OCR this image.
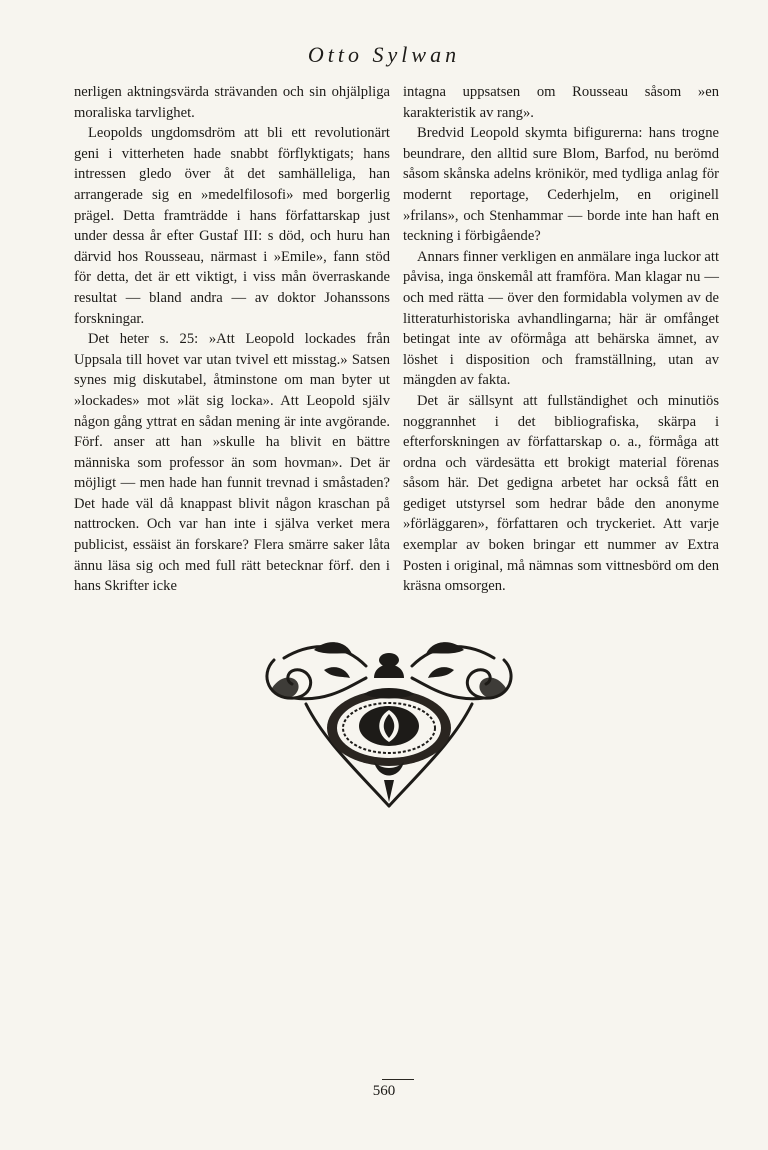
Otto Sylwan

nerligen aktningsvärda strävanden och sin ohjälpliga moraliska tarvlighet.

Leopolds ungdomsdröm att bli ett revolutionärt geni i vitterheten hade snabbt förflyktigats; hans intressen gledo över åt det samhälleliga, han arrangerade sig en »medelfilosofi» med borgerlig prägel. Detta framträdde i hans författarskap just under dessa år efter Gustaf III: s död, och huru han därvid hos Rousseau, närmast i »Emile», fann stöd för detta, det är ett viktigt, i viss mån överraskande resultat — bland andra — av doktor Johanssons forskningar.

Det heter s. 25: »Att Leopold lockades från Uppsala till hovet var utan tvivel ett misstag.» Satsen synes mig diskutabel, åtminstone om man byter ut »lockades» mot »lät sig locka». Att Leopold själv någon gång yttrat en sådan mening är inte avgörande. Förf. anser att han »skulle ha blivit en bättre människa som professor än som hovman». Det är möjligt — men hade han funnit trevnad i småstaden? Det hade väl då knappast blivit någon kraschan på nattrocken. Och var han inte i själva verket mera publicist, essäist än forskare? Flera smärre saker låta ännu läsa sig och med full rätt betecknar förf. den i hans Skrifter icke

intagna uppsatsen om Rousseau såsom »en karakteristik av rang».

Bredvid Leopold skymta bifigurerna: hans trogne beundrare, den alltid sure Blom, Barfod, nu berömd såsom skånska adelns krönikör, med tydliga anlag för modernt reportage, Cederhjelm, en originell »frilans», och Stenhammar — borde inte han haft en teckning i förbigående?

Annars finner verkligen en anmälare inga luckor att påvisa, inga önskemål att framföra. Man klagar nu — och med rätta — över den formidabla volymen av de litteraturhistoriska avhandlingarna; här är omfånget betingat inte av oförmåga att behärska ämnet, av löshet i disposition och framställning, utan av mängden av fakta.

Det är sällsynt att fullständighet och minutiös noggrannhet i det bibliografiska, skärpa i efterforskningen av författarskap o. a., förmåga att ordna och värdesätta ett brokigt material förenas såsom här. Det gedigna arbetet har också fått en gediget utstyrsel som hedrar både den anonyme »förläggaren», författaren och tryckeriet. Att varje exemplar av boken bringar ett nummer av Extra Posten i original, må nämnas som vittnesbörd om den kräsna omsorgen.

560
